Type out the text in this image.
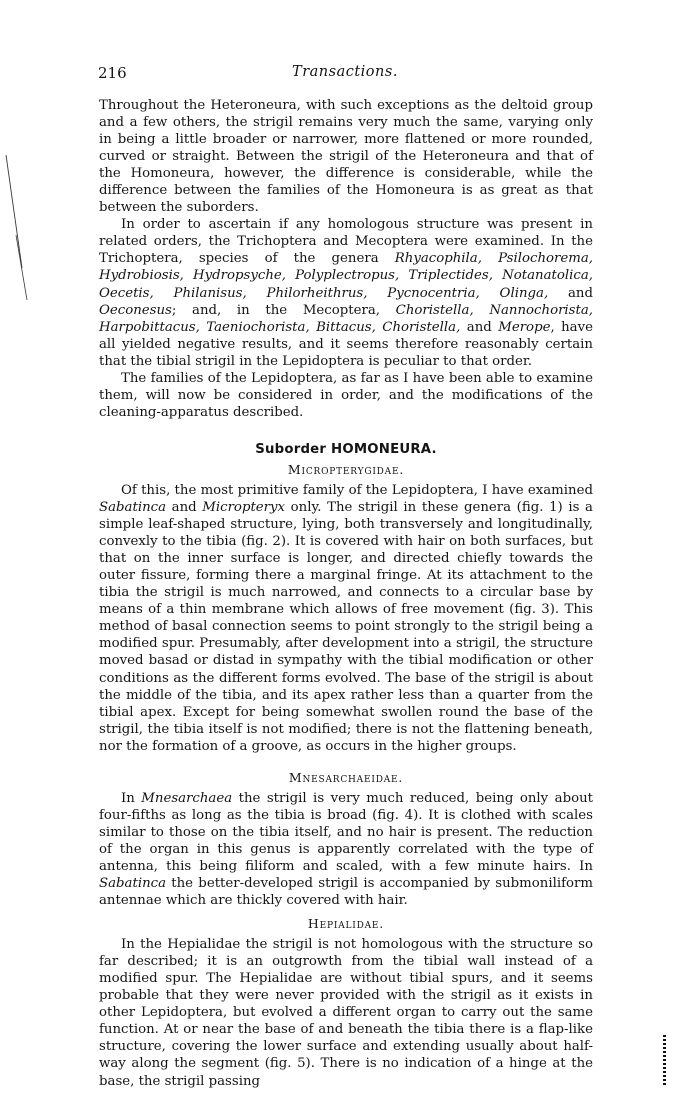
216	Transactions.

Throughout the Heteroneura, with such exceptions as the deltoid group and a few others, the strigil remains very much the same, varying only in being a little broader or narrower, more flattened or more rounded, curved or straight. Between the strigil of the Heteroneura and that of the Homoneura, however, the difference is considerable, while the difference between the families of the Homoneura is as great as that between the suborders.

In order to ascertain if any homologous structure was present in related orders, the Trichoptera and Mecoptera were examined. In the Trichoptera, species of the genera Rhyacophila, Psilochorema, Hydrobiosis, Hydropsyche, Polyplectropus, Triplectides, Notanatolica, Oecetis, Philanisus, Philorheithrus, Pycnocentria, Olinga, and Oeconesus; and, in the Mecoptera, Choristella, Nannochorista, Harpobittacus, Taeniochorista, Bittacus, Choristella, and Merope, have all yielded negative results, and it seems therefore reasonably certain that the tibial strigil in the Lepidoptera is peculiar to that order.

The families of the Lepidoptera, as far as I have been able to examine them, will now be considered in order, and the modifications of the cleaning-apparatus described.

Suborder HOMONEURA.
Micropterygidae.

Of this, the most primitive family of the Lepidoptera, I have examined Sabatinca and Micropteryx only. The strigil in these genera (fig. 1) is a simple leaf-shaped structure, lying, both transversely and longitudinally, convexly to the tibia (fig. 2). It is covered with hair on both surfaces, but that on the inner surface is longer, and directed chiefly towards the outer fissure, forming there a marginal fringe. At its attachment to the tibia the strigil is much narrowed, and connects to a circular base by means of a thin membrane which allows of free movement (fig. 3). This method of basal connection seems to point strongly to the strigil being a modified spur. Presumably, after development into a strigil, the structure moved basad or distad in sympathy with the tibial modification or other conditions as the different forms evolved. The base of the strigil is about the middle of the tibia, and its apex rather less than a quarter from the tibial apex. Except for being somewhat swollen round the base of the strigil, the tibia itself is not modified; there is not the flattening beneath, nor the formation of a groove, as occurs in the higher groups.

Mnesarchaeidae.

In Mnesarchaea the strigil is very much reduced, being only about four-fifths as long as the tibia is broad (fig. 4). It is clothed with scales similar to those on the tibia itself, and no hair is present. The reduction of the organ in this genus is apparently correlated with the type of antenna, this being filiform and scaled, with a few minute hairs. In Sabatinca the better-developed strigil is accompanied by submoniliform antennae which are thickly covered with hair.

Hepialidae.

In the Hepialidae the strigil is not homologous with the structure so far described; it is an outgrowth from the tibial wall instead of a modified spur. The Hepialidae are without tibial spurs, and it seems probable that they were never provided with the strigil as it exists in other Lepidoptera, but evolved a different organ to carry out the same function. At or near the base of and beneath the tibia there is a flap-like structure, covering the lower surface and extending usually about half-way along the segment (fig. 5). There is no indication of a hinge at the base, the strigil passing
